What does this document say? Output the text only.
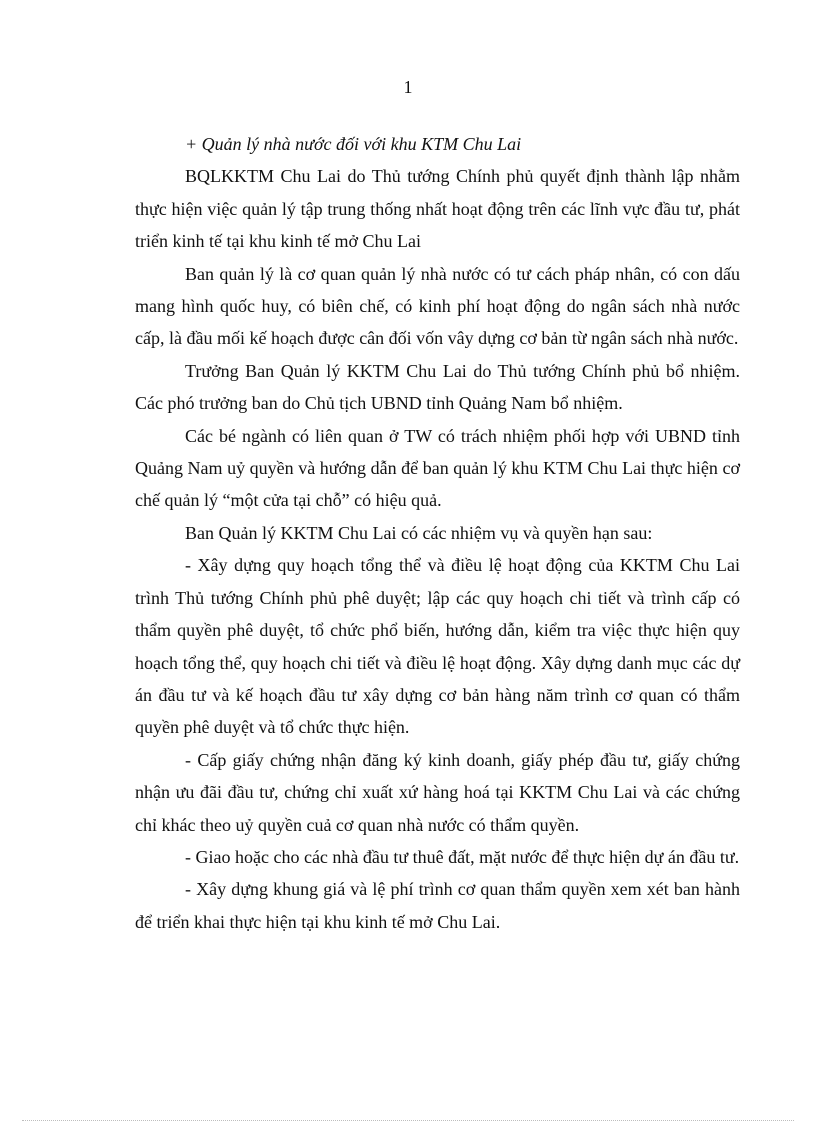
1

+ Quản lý nhà nước đối với khu KTM Chu Lai

BQLKKTM Chu Lai do Thủ tướng Chính phủ quyết định thành lập nhằm thực hiện việc quản lý tập trung thống nhất hoạt động trên các lĩnh vực đầu tư, phát triển kinh tế tại khu kinh tế mở Chu Lai

Ban quản lý là cơ quan quản lý nhà nước có tư cách pháp nhân, có con dấu mang hình quốc huy, có biên chế, có kinh phí hoạt động do ngân sách nhà nước cấp, là đầu mối kế hoạch được cân đối vốn vây dựng cơ bản từ ngân sách nhà nước.

Trưởng Ban Quản lý KKTM Chu Lai do Thủ tướng Chính phủ bổ nhiệm. Các phó trưởng ban do Chủ tịch UBND tỉnh Quảng Nam bổ nhiệm.

Các bé ngành có liên quan ở TW có trách nhiệm phối hợp với UBND tỉnh Quảng Nam uỷ quyền và hướng dẫn để ban quản lý khu KTM Chu Lai thực hiện cơ chế quản lý “một cửa tại chỗ” có hiệu quả.

Ban Quản lý KKTM Chu Lai có các nhiệm vụ và quyền hạn sau:

- Xây dựng quy hoạch tổng thể và điều lệ hoạt động của KKTM Chu Lai trình Thủ tướng Chính phủ phê duyệt; lập các quy hoạch chi tiết và trình cấp có thẩm quyền phê duyệt, tổ chức phổ biến, hướng dẫn, kiểm tra việc thực hiện quy hoạch tổng thể, quy hoạch chi tiết và điều lệ hoạt động. Xây dựng danh mục các dự án đầu tư và kế hoạch đầu tư xây dựng cơ bản hàng năm trình cơ quan có thẩm quyền phê duyệt và tổ chức thực hiện.

- Cấp giấy chứng nhận đăng ký kinh doanh, giấy phép đầu tư, giấy chứng nhận ưu đãi đầu tư, chứng chỉ xuất xứ hàng hoá tại KKTM Chu Lai và các chứng chỉ khác theo uỷ quyền cuả cơ quan nhà nước có thẩm quyền.

- Giao hoặc cho các nhà đầu tư thuê đất, mặt nước để thực hiện dự án đầu tư.

- Xây dựng khung giá và lệ phí trình cơ quan thẩm quyền xem xét ban hành để triển khai thực hiện tại khu kinh tế mở Chu Lai.
